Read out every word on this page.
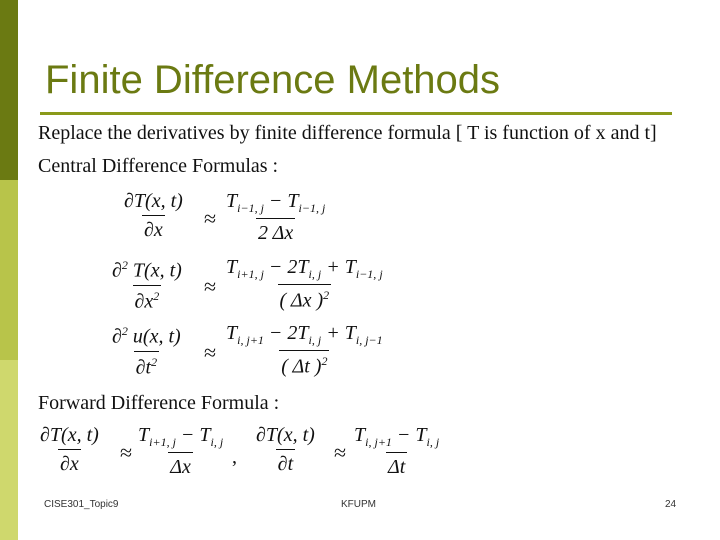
Finite Difference Methods
Replace the derivatives by finite difference formula [ T is function of x and t]
Central Difference Formulas :
$\frac{\partial T(x, t)}{\partial x} \approx \frac{T_{i-1, j} - T_{i-1, j}}{2 \Delta x}$
$\frac{\partial^2 T(x, t)}{\partial x^2} \approx \frac{T_{i+1, j} - 2T_{i, j} + T_{i-1, j}}{( \Delta x )^2}$
$\frac{\partial^2 u(x, t)}{\partial t^2} \approx \frac{T_{i, j+1} - 2T_{i, j} + T_{i, j-1}}{( \Delta t )^2}$
Forward Difference Formula :
$\frac{\partial T(x, t)}{\partial x} \approx \frac{T_{i+1, j} - T_{i, j}}{\Delta x}$ , $\frac{\partial T(x, t)}{\partial t} \approx \frac{T_{i, j+1} - T_{i, j}}{\Delta t}$
CISE301_Topic9	KFUPM	24
